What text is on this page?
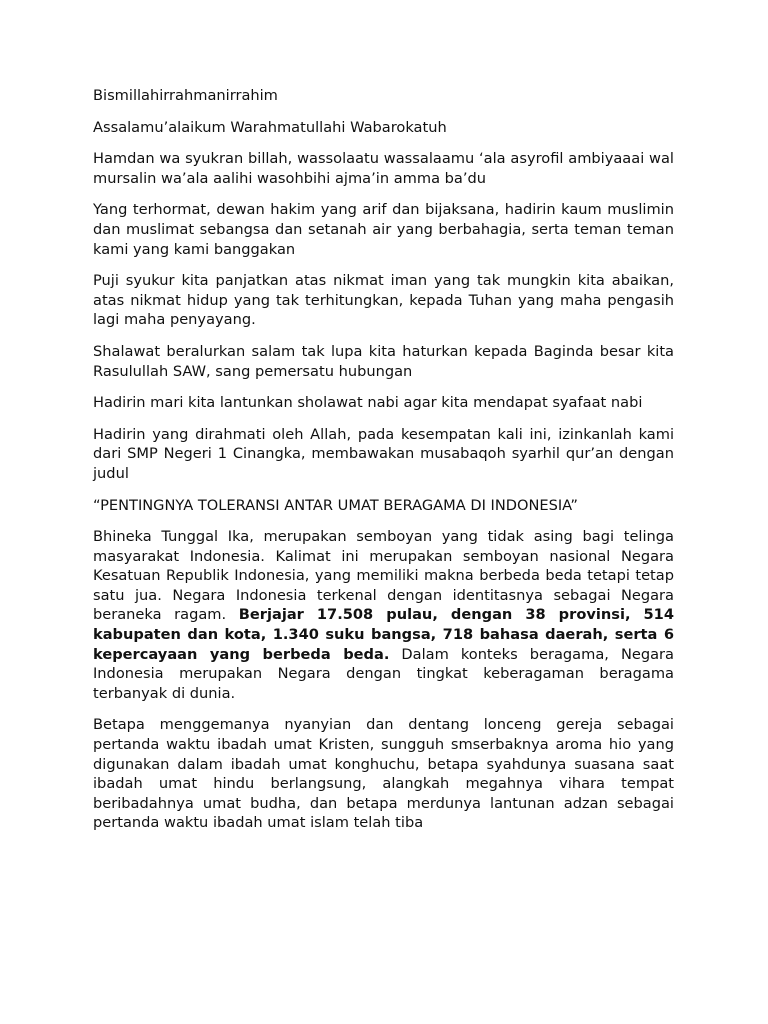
Bismillahirrahmanirrahim

Assalamu’alaikum Warahmatullahi Wabarokatuh

Hamdan wa syukran billah, wassolaatu wassalaamu ‘ala asyrofil ambiyaaai wal mursalin wa’ala aalihi wasohbihi ajma’in amma ba’du

Yang terhormat, dewan hakim yang arif dan bijaksana, hadirin kaum muslimin dan muslimat sebangsa dan setanah air yang berbahagia, serta teman teman kami yang kami banggakan

Puji syukur kita panjatkan atas nikmat iman yang tak mungkin kita abaikan, atas nikmat hidup yang tak terhitungkan, kepada Tuhan yang maha pengasih lagi maha penyayang.

Shalawat beralurkan salam tak lupa kita haturkan kepada Baginda besar kita Rasulullah SAW, sang pemersatu hubungan

Hadirin mari kita lantunkan sholawat nabi agar kita mendapat syafaat nabi

Hadirin yang dirahmati oleh Allah, pada kesempatan kali ini, izinkanlah kami dari SMP Negeri 1 Cinangka, membawakan musabaqoh syarhil qur’an dengan judul

“PENTINGNYA TOLERANSI ANTAR UMAT BERAGAMA DI INDONESIA”

Bhineka Tunggal Ika, merupakan semboyan yang tidak asing bagi telinga masyarakat Indonesia. Kalimat ini merupakan semboyan nasional Negara Kesatuan Republik Indonesia, yang memiliki makna berbeda beda tetapi tetap satu jua. Negara Indonesia terkenal dengan identitasnya sebagai Negara beraneka ragam. Berjajar 17.508 pulau, dengan 38 provinsi, 514 kabupaten dan kota, 1.340 suku bangsa, 718 bahasa daerah, serta 6 kepercayaan yang berbeda beda. Dalam konteks beragama, Negara Indonesia merupakan Negara dengan tingkat keberagaman beragama terbanyak di dunia.

Betapa menggemanya nyanyian dan dentang lonceng gereja sebagai pertanda waktu ibadah umat Kristen, sungguh smserbaknya aroma hio yang digunakan dalam ibadah umat konghuchu, betapa syahdunya suasana saat ibadah umat hindu berlangsung, alangkah megahnya vihara tempat beribadahnya umat budha, dan betapa merdunya lantunan adzan sebagai pertanda waktu ibadah umat islam telah tiba
